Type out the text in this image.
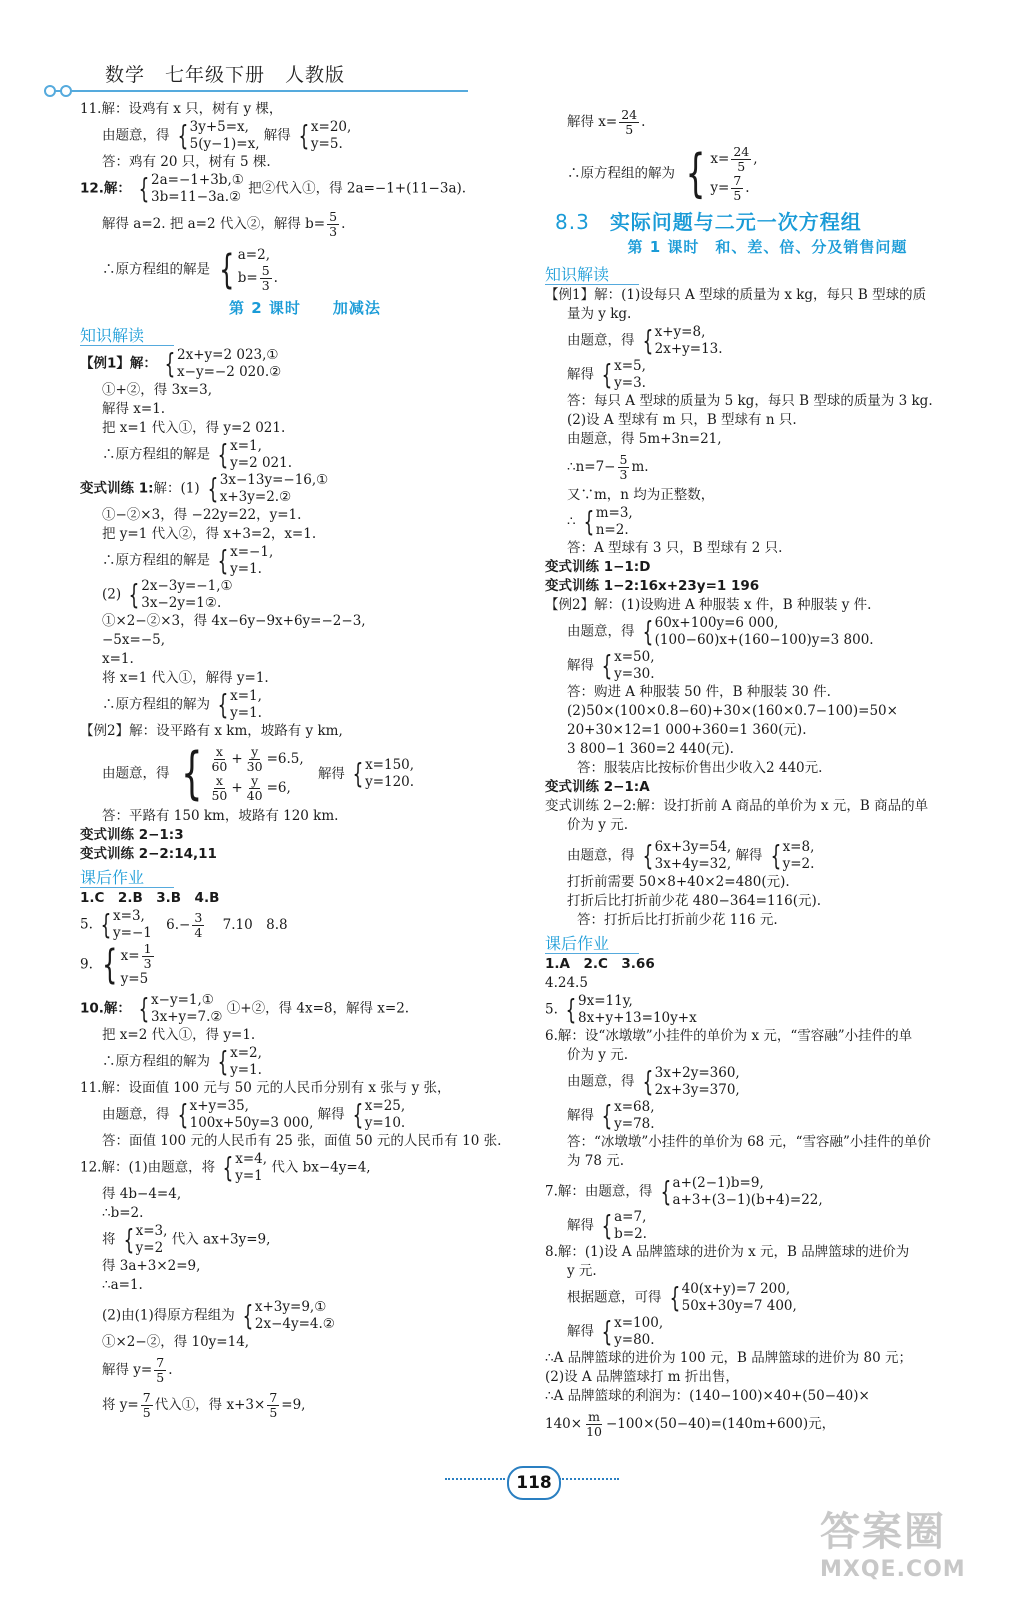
数学　七年级下册　人教版
11.解：设鸡有 x 只，树有 y 棵，
由题意，得 { 3y+5=x,
5(y−1)=x,
解得 { x=20,
y=5.
答：鸡有 20 只，树有 5 棵.
12.解： { 2a=−1+3b,①
3b=11−3a.②
把②代入①，得 2a=−1+(11−3a).
解得 a=2. 把 a=2 代入②，解得 $b= \frac{5}{3}$ .
∴原方程组的解是 { a=2,
$b= \frac{5}{3}$ .
第 2 课时　　加减法
知识解读
【例1】解： { 2x+y=2 023,①
x−y=−2 020.②
①+②，得 3x=3,
解得 x=1.
把 x=1 代入①，得 y=2 021.
∴原方程组的解是 { x=1,
y=2 021.
变式训练 1:解：(1) { 3x−13y=−16,①
x+3y=2.②
①−②×3，得 −22y=22，y=1.
把 y=1 代入②，得 x+3=2，x=1.
∴原方程组的解是 { x=−1,
y=1.
(2) { 2x−3y=−1,①
3x−2y=1②.
①×2−②×3，得 4x−6y−9x+6y=−2−3,
−5x=−5,
x=1.
将 x=1 代入①，解得 y=1.
∴原方程组的解为 { x=1,
y=1.
【例2】解：设平路有 x km，坡路有 y km,
由题意，得 { $\frac{x}{60} + \frac{y}{30} =6.5$,
$\frac{x}{50} + \frac{y}{40} =6$,
解得 { x=150,
y=120.
答：平路有 150 km，坡路有 120 km.
变式训练 2−1:3
变式训练 2−2:14,11
课后作业
1.C　2.B　3.B　4.B
5. { x=3,
y=−1
$6.- \frac{3}{4} 7.10$　8.8
9. { $x= \frac{1}{3}$
y=5
10.解： { x−y=1,①
3x+y=7.②
①+②，得 4x=8，解得 x=2.
把 x=2 代入①，得 y=1.
∴原方程组的解为 { x=2,
y=1.
11.解：设面值 100 元与 50 元的人民币分别有 x 张与 y 张，
由题意，得 { x+y=35,
100x+50y=3 000,
解得 { x=25,
y=10.
答：面值 100 元的人民币有 25 张，面值 50 元的人民币有 10 张.
12.解：(1)由题意，将 { x=4,
y=1
代入 bx−4y=4,
得 4b−4=4,
∴b=2.
将 { x=3,
y=2
代入 ax+3y=9,
得 3a+3×2=9,
∴a=1.
(2)由(1)得原方程组为 { x+3y=9,①
2x−4y=4.②
①×2−②，得 10y=14,
解得 $y= \frac{7}{5}$ .
将 $y= \frac{7}{5}$ 代入①，得 $x+3\times \frac{7}{5} =9$,
解得 $x= \frac{24}{5}$ .
∴原方程组的解为 { $x= \frac{24}{5}$ ,
$y= \frac{7}{5}$ .
8.3 实际问题与二元一次方程组
第 1 课时　和、差、倍、分及销售问题
知识解读
【例1】解：(1)设每只 A 型球的质量为 x kg，每只 B 型球的质
量为 y kg.
由题意，得 { x+y=8,
2x+y=13.
解得 { x=5,
y=3.
答：每只 A 型球的质量为 5 kg，每只 B 型球的质量为 3 kg.
(2)设 A 型球有 m 只，B 型球有 n 只.
由题意，得 5m+3n=21,
∴n=7− $\frac{5}{3} m$.
又∵m，n 均为正整数，
∴ { m=3,
n=2.
答：A 型球有 3 只，B 型球有 2 只.
变式训练 1−1:D
变式训练 1−2:16x+23y=1 196
【例2】解：(1)设购进 A 种服装 x 件，B 种服装 y 件.
由题意，得 { 60x+100y=6 000,
(100−60)x+(160−100)y=3 800.
解得 { x=50,
y=30.
答：购进 A 种服装 50 件，B 种服装 30 件.
(2)50×(100×0.8−60)+30×(160×0.7−100)=50×
20+30×12=1 000+360=1 360(元).
3 800−1 360=2 440(元).
答：服装店比按标价售出少收入2 440元.
变式训练 2−1:A
变式训练 2−2:解：设打折前 A 商品的单价为 x 元，B 商品的单
价为 y 元.
由题意，得 { 6x+3y=54,
3x+4y=32,
解得 { x=8,
y=2.
打折前需要 50×8+40×2=480(元).
打折后比打折前少花 480−364=116(元).
答：打折后比打折前少花 116 元.
课后作业
1.A　2.C　3.66
4.24.5
5. { 9x=11y,
8x+y+13=10y+x
6.解：设“冰墩墩”小挂件的单价为 x 元，“雪容融”小挂件的单
价为 y 元.
由题意，得 { 3x+2y=360,
2x+3y=370,
解得 { x=68,
y=78.
答：“冰墩墩”小挂件的单价为 68 元，“雪容融”小挂件的单价
为 78 元.
7.解：由题意，得 { a+(2−1)b=9,
a+3+(3−1)(b+4)=22,
解得 { a=7,
b=2.
8.解：(1)设 A 品牌篮球的进价为 x 元，B 品牌篮球的进价为
y 元.
根据题意，可得 { 40(x+y)=7 200,
50x+30y=7 400,
解得 { x=100,
y=80.
∴A 品牌篮球的进价为 100 元，B 品牌篮球的进价为 80 元；
(2)设 A 品牌篮球打 m 折出售，
∴A 品牌篮球的利润为：(140−100)×40+(50−40)×
$140\times \frac{m}{10} -100\times(50-40)=(140m+600)$元，
118
答案圈
MXQE.COM
